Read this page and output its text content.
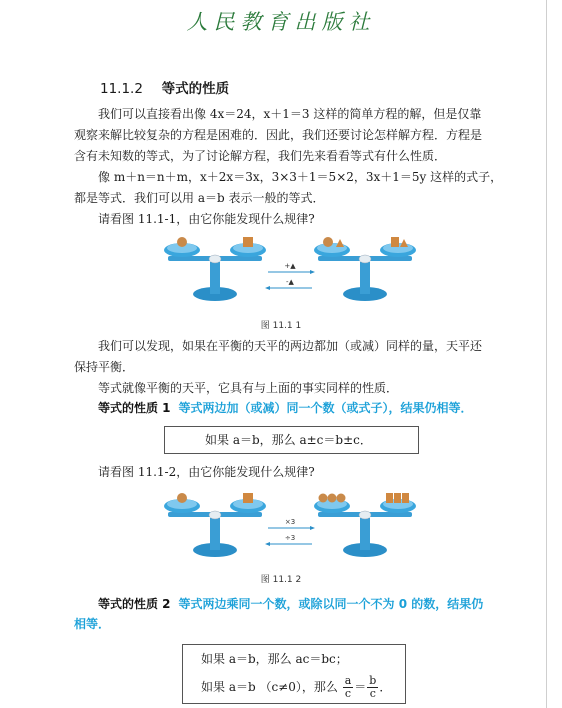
人民教育出版社
11.1.2 等式的性质
我们可以直接看出像 4x＝24，x＋1＝3 这样的简单方程的解，但是仅靠
观察来解比较复杂的方程是困难的．因此，我们还要讨论怎样解方程．方程是
含有未知数的等式，为了讨论解方程，我们先来看看等式有什么性质．
像 m＋n＝n＋m，x＋2x＝3x，3×3＋1＝5×2，3x＋1＝5y 这样的式子，
都是等式．我们可以用 a＝b 表示一般的等式．
请看图 11.1-1，由它你能发现什么规律?
+▲
-▲
图 11.1 1
我们可以发现，如果在平衡的天平的两边都加（或减）同样的量，天平还
保持平衡．
等式就像平衡的天平，它具有与上面的事实同样的性质．
等式的性质 1 等式两边加（或减）同一个数（或式子），结果仍相等．
如果 a＝b，那么 a±c＝b±c．
请看图 11.1-2，由它你能发现什么规律?
×3
÷3
图 11.1 2
等式的性质 2 等式两边乘同一个数，或除以同一个不为 0 的数，结果仍
相等．
如果 a＝b，那么 ac＝bc；
如果 a＝b （c≠0），那么 $\frac{a}{c} = \frac{b}{c}$ ．
